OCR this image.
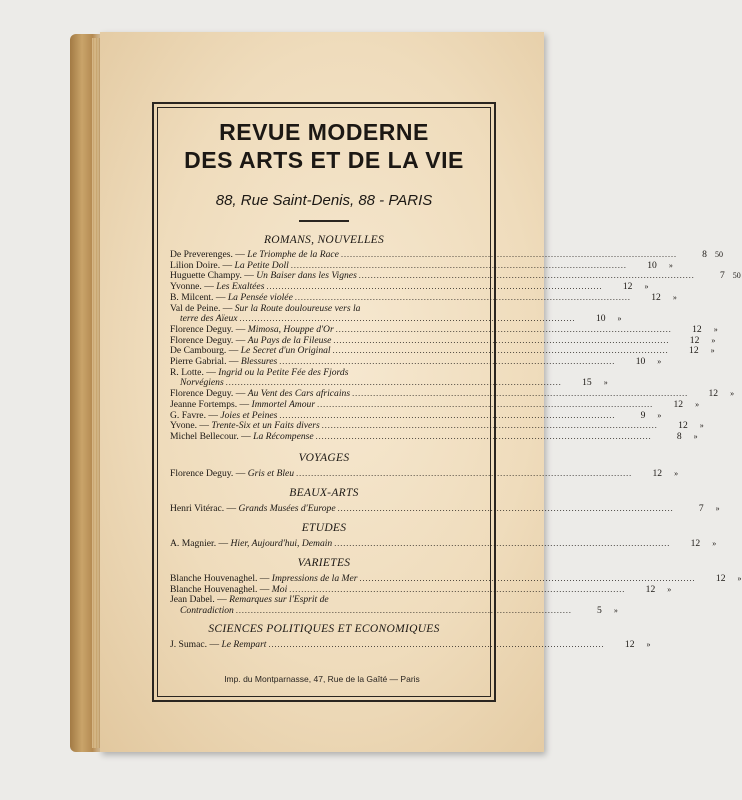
REVUE MODERNE
DES ARTS ET DE LA VIE
88, Rue Saint-Denis, 88 - PARIS
ROMANS, NOUVELLES
De Preverenges. — Le Triomphe de la Race .....	8	50
Lilion Doire. — La Petite Doll .....	10	»
Huguette Champy. — Un Baiser dans les Vignes .....	7	50
Yvonne. — Les Exaltées .....	12	»
B. Milcent. — La Pensée violée .....	12	»
Val de Peine. — Sur la Route douloureuse vers la
terre des Aïeux .....	10	»
Florence Deguy. — Mimosa, Houppe d'Or .....	12	»
Florence Deguy. — Au Pays de la Fileuse .....	12	»
De Cambourg. — Le Secret d'un Original .....	12	»
Pierre Gabrial. — Blessures .....	10	»
R. Lotte. — Ingrid ou la Petite Fée des Fjords
Norvégiens .....	15	»
Florence Deguy. — Au Vent des Cars africains .....	12	»
Jeanne Fortemps. — Immortel Amour .....	12	»
G. Favre. — Joies et Peines .....	9	»
Yvone. — Trente-Six et un Faits divers .....	12	»
Michel Bellecour. — La Récompense .....	8	»
VOYAGES
Florence Deguy. — Gris et Bleu .....	12	»
BEAUX-ARTS
Henri Vitérac. — Grands Musées d'Europe .....	7	»
ETUDES
A. Magnier. — Hier, Aujourd'hui, Demain .....	12	»
VARIETES
Blanche Houvenaghel. — Impressions de la Mer .....	12	»
Blanche Houvenaghel. — Moi .....	12	»
Jean Dabel. — Remarques sur l'Esprit de
Contradiction .....	5	»
SCIENCES POLITIQUES ET ECONOMIQUES
J. Sumac. — Le Rempart .....	12	»
Imp. du Montparnasse, 47, Rue de la Gaîté — Paris
